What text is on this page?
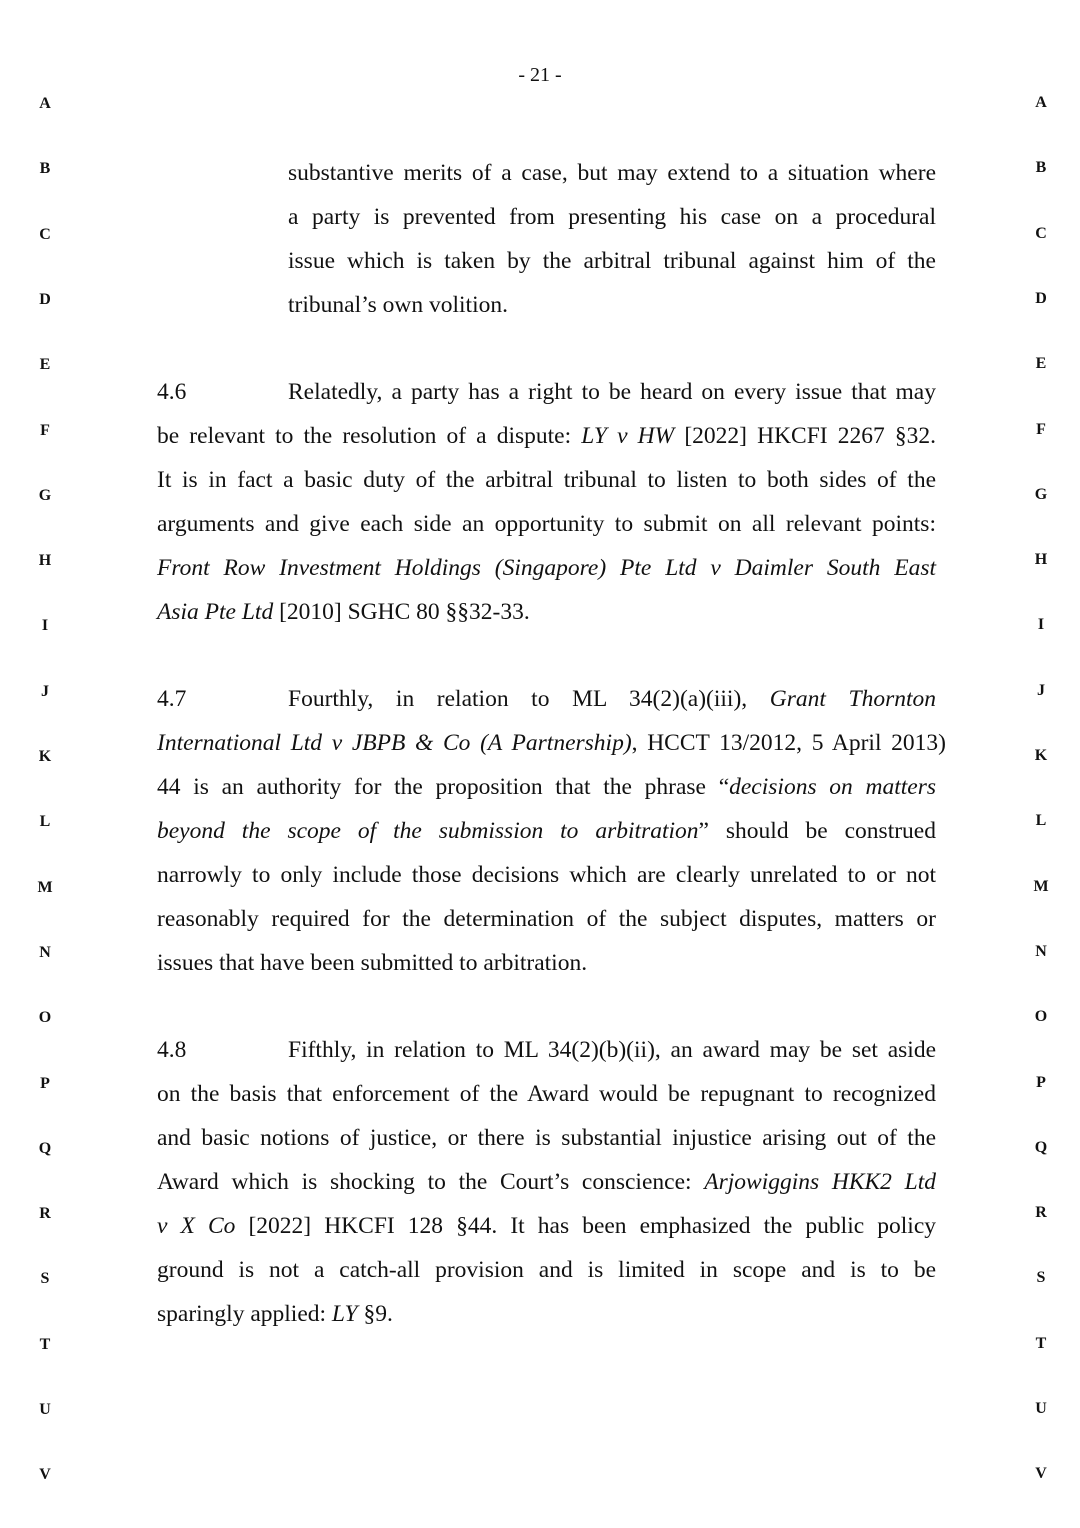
- 21 -
A
B
C
D
E
F
G
H
I
J
K
L
M
N
O
P
Q
R
S
T
U
V
A
B
C
D
E
F
G
H
I
J
K
L
M
N
O
P
Q
R
S
T
U
V
substantive merits of a case, but may extend to a situation where
a party is prevented from presenting his case on a procedural
issue which is taken by the arbitral tribunal against him of the
tribunal’s own volition.
4.6	Relatedly, a party has a right to be heard on every issue that may
be relevant to the resolution of a dispute: LY v HW [2022] HKCFI 2267 §32.
It is in fact a basic duty of the arbitral tribunal to listen to both sides of the
arguments and give each side an opportunity to submit on all relevant points:
Front Row Investment Holdings (Singapore) Pte Ltd v Daimler South East
Asia Pte Ltd [2010] SGHC 80 §§32-33.
4.7	Fourthly, in relation to ML 34(2)(a)(iii), Grant Thornton
International Ltd v JBPB & Co (A Partnership), HCCT 13/2012, 5 April 2013)
44 is an authority for the proposition that the phrase “decisions on matters
beyond the scope of the submission to arbitration” should be construed
narrowly to only include those decisions which are clearly unrelated to or not
reasonably required for the determination of the subject disputes, matters or
issues that have been submitted to arbitration.
4.8	Fifthly, in relation to ML 34(2)(b)(ii), an award may be set aside
on the basis that enforcement of the Award would be repugnant to recognized
and basic notions of justice, or there is substantial injustice arising out of the
Award which is shocking to the Court’s conscience: Arjowiggins HKK2 Ltd
v X Co [2022] HKCFI 128 §44. It has been emphasized the public policy
ground is not a catch-all provision and is limited in scope and is to be
sparingly applied: LY §9.
